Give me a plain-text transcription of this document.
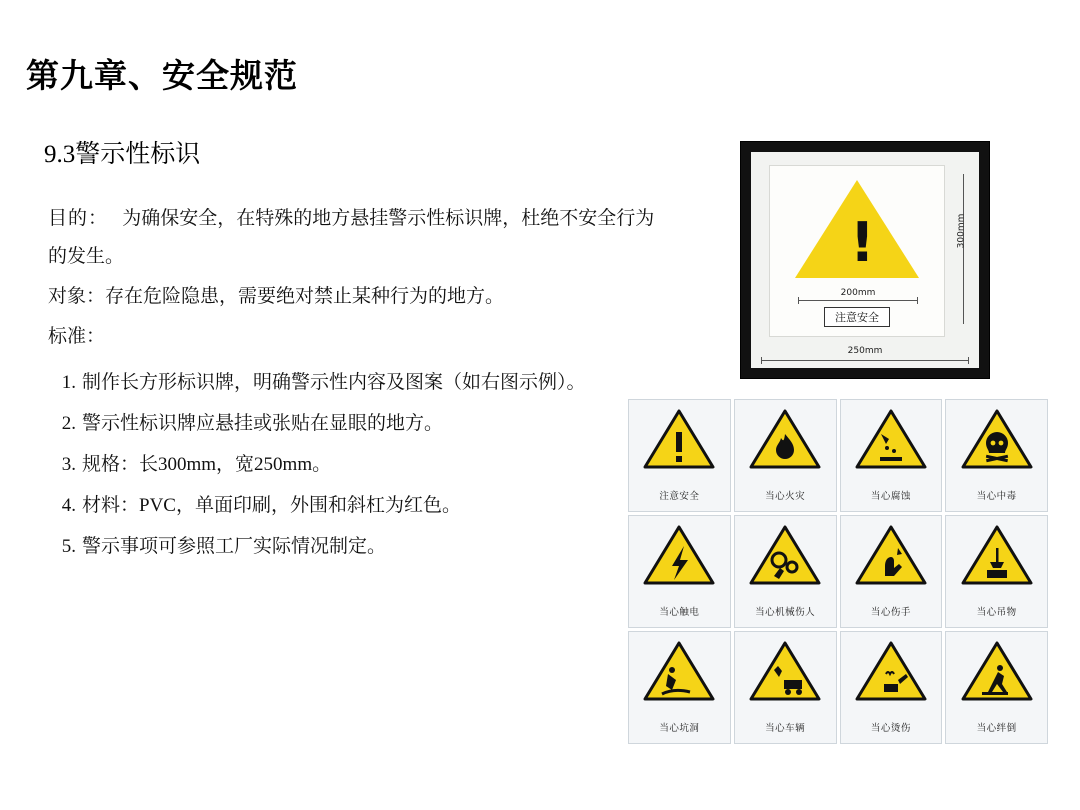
第九章、安全规范
9.3警示性标识

目的： 为确保安全，在特殊的地方悬挂警示性标识牌，杜绝不安全行为的发生。

对象：存在危险隐患，需要绝对禁止某种行为的地方。

标准：

1. 制作长方形标识牌，明确警示性内容及图案（如右图示例）。
2. 警示性标识牌应悬挂或张贴在显眼的地方。
3. 规格：长300mm，宽250mm。
4. 材料：PVC，单面印刷，外围和斜杠为红色。
5. 警示事项可参照工厂实际情况制定。
!
200mm
注意安全
300mm
250mm
注意安全	当心火灾	当心腐蚀	当心中毒
当心触电	当心机械伤人	当心伤手	当心吊物
当心坑洞	当心车辆	当心烫伤	当心绊倒
